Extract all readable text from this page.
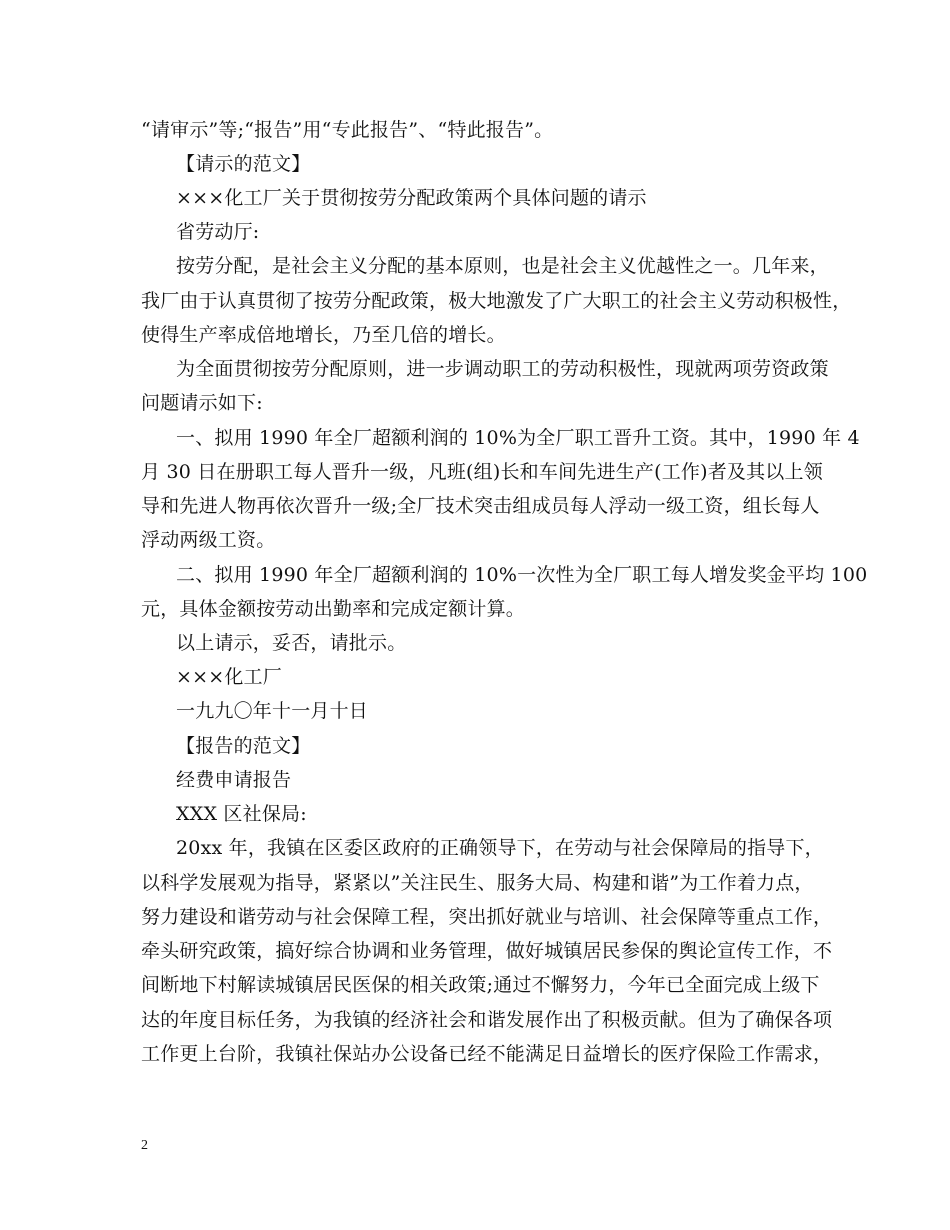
“请审示”等;“报告”用“专此报告”、“特此报告”。
【请示的范文】
×××化工厂关于贯彻按劳分配政策两个具体问题的请示
省劳动厅:
按劳分配，是社会主义分配的基本原则，也是社会主义优越性之一。几年来，
我厂由于认真贯彻了按劳分配政策，极大地激发了广大职工的社会主义劳动积极性，
使得生产率成倍地增长，乃至几倍的增长。
为全面贯彻按劳分配原则，进一步调动职工的劳动积极性，现就两项劳资政策
问题请示如下:
一、拟用 1990 年全厂超额利润的 10%为全厂职工晋升工资。其中，1990 年 4
月 30 日在册职工每人晋升一级，凡班(组)长和车间先进生产(工作)者及其以上领
导和先进人物再依次晋升一级;全厂技术突击组成员每人浮动一级工资，组长每人
浮动两级工资。
二、拟用 1990 年全厂超额利润的 10%一次性为全厂职工每人增发奖金平均 100
元，具体金额按劳动出勤率和完成定额计算。
以上请示，妥否，请批示。
×××化工厂
一九九〇年十一月十日
【报告的范文】
经费申请报告
XXX 区社保局:
20xx 年，我镇在区委区政府的正确领导下，在劳动与社会保障局的指导下，
以科学发展观为指导，紧紧以”关注民生、服务大局、构建和谐”为工作着力点，
努力建设和谐劳动与社会保障工程，突出抓好就业与培训、社会保障等重点工作，
牵头研究政策，搞好综合协调和业务管理，做好城镇居民参保的舆论宣传工作，不
间断地下村解读城镇居民医保的相关政策;通过不懈努力，今年已全面完成上级下
达的年度目标任务，为我镇的经济社会和谐发展作出了积极贡献。但为了确保各项
工作更上台阶，我镇社保站办公设备已经不能满足日益增长的医疗保险工作需求，
2
